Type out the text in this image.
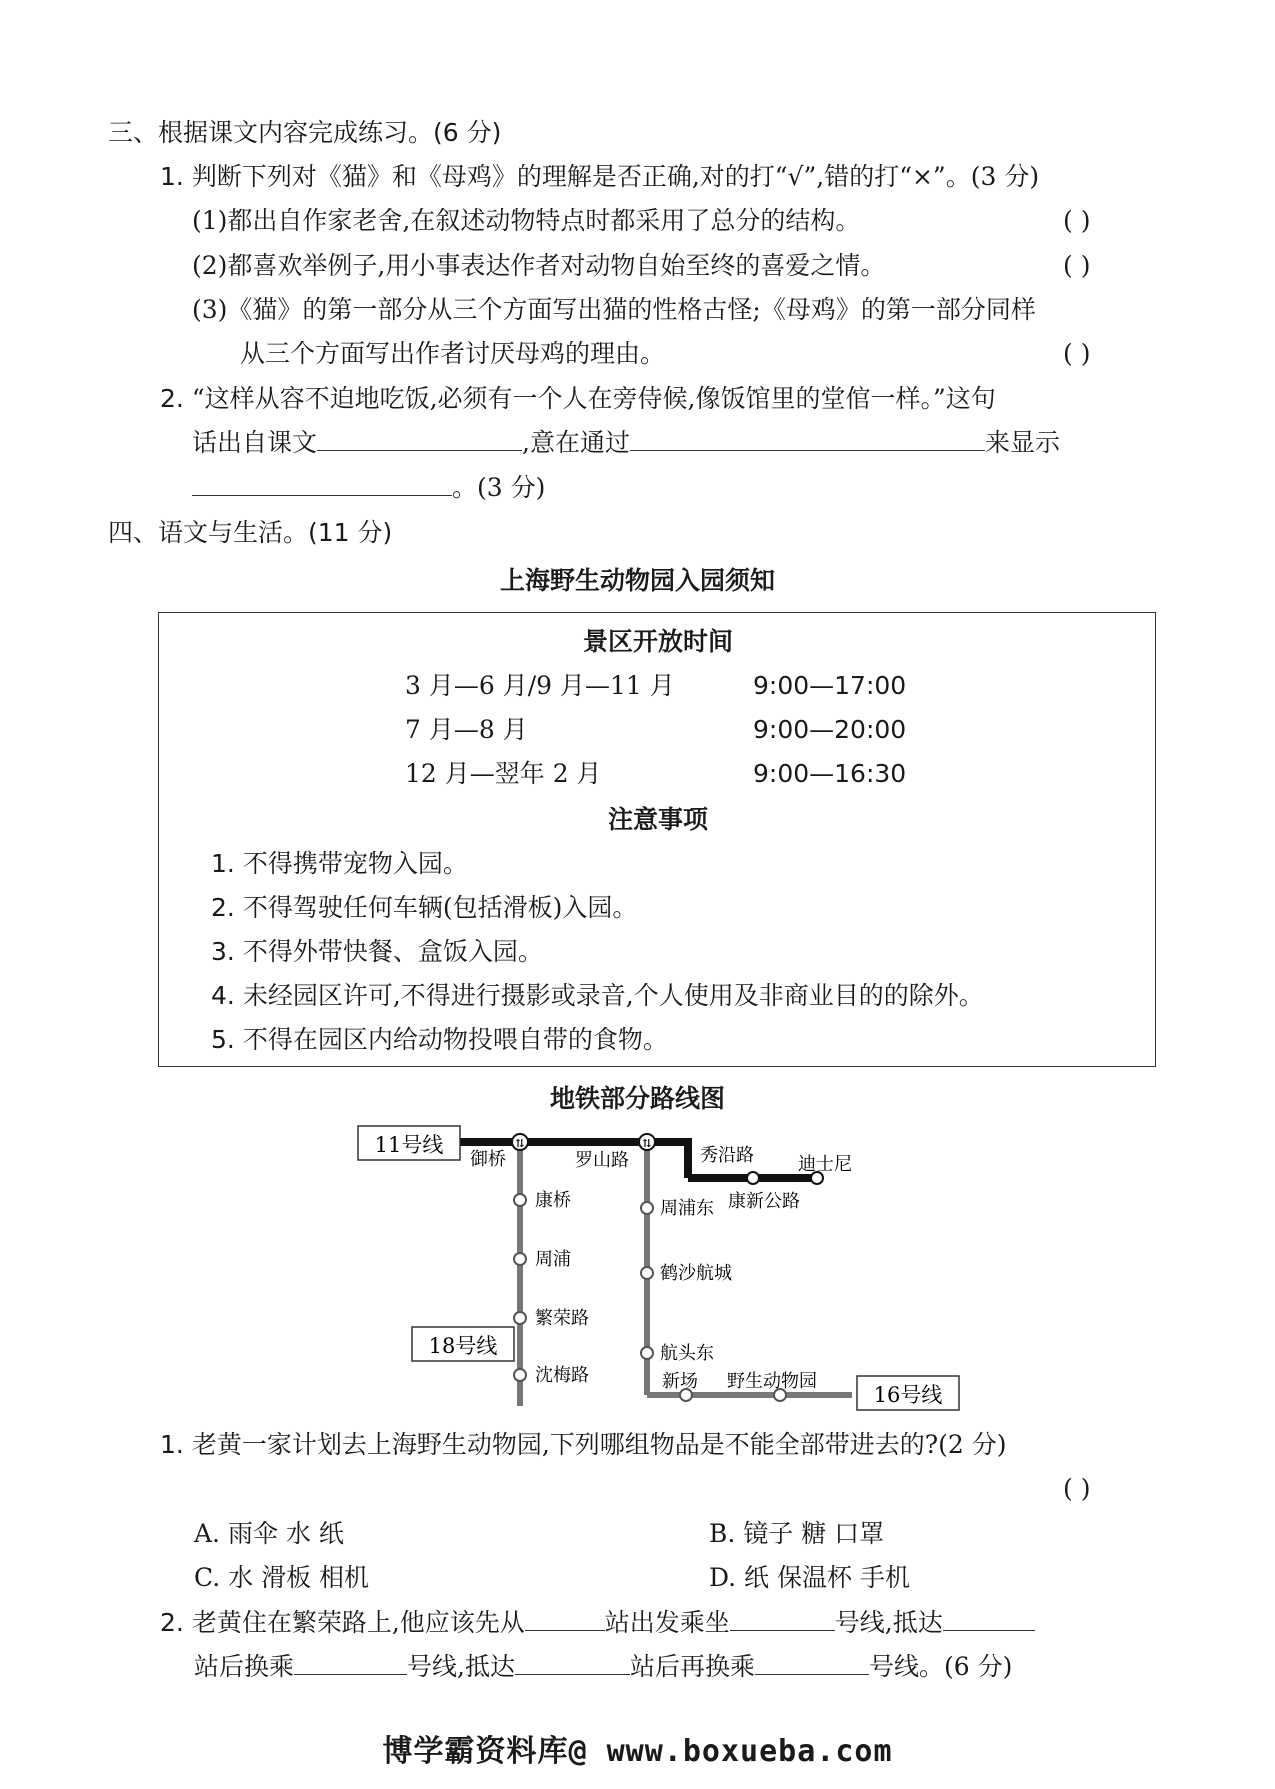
三、根据课文内容完成练习。(6 分)
1. 判断下列对《猫》和《母鸡》的理解是否正确,对的打“√”,错的打“×”。(3 分)
(1)都出自作家老舍,在叙述动物特点时都采用了总分的结构。	( )
(2)都喜欢举例子,用小事表达作者对动物自始至终的喜爱之情。	( )
(3)《猫》的第一部分从三个方面写出猫的性格古怪;《母鸡》的第一部分同样
从三个方面写出作者讨厌母鸡的理由。	( )
2. “这样从容不迫地吃饭,必须有一个人在旁侍候,像饭馆里的堂倌一样。”这句
话出自课文	,意在通过	来显示
。(3 分)
四、语文与生活。(11 分)
上海野生动物园入园须知
景区开放时间
3 月—6 月/9 月—11 月	9:00—17:00
7 月—8 月	9:00—20:00
12 月—翌年 2 月	9:00—16:30
注意事项
1. 不得携带宠物入园。
2. 不得驾驶任何车辆(包括滑板)入园。
3. 不得外带快餐、盒饭入园。
4. 未经园区许可,不得进行摄影或录音,个人使用及非商业目的的除外。
5. 不得在园区内给动物投喂自带的食物。
地铁部分路线图
11号线
18号线
16号线
⇅	⇅
御桥	罗山路	秀沿路 迪士尼
康桥
周浦
繁荣路
沈梅路
周浦东 康新公路
鹤沙航城
航头东
新场 野生动物园
1. 老黄一家计划去上海野生动物园,下列哪组物品是不能全部带进去的?(2 分)
( )
A. 雨伞 水 纸	B. 镜子 糖 口罩
C. 水 滑板 相机	D. 纸 保温杯 手机
2. 老黄住在繁荣路上,他应该先从	站出发乘坐	号线,抵达
站后换乘	号线,抵达	站后再换乘	号线。(6 分)
博学霸资料库@ www.boxueba.com
